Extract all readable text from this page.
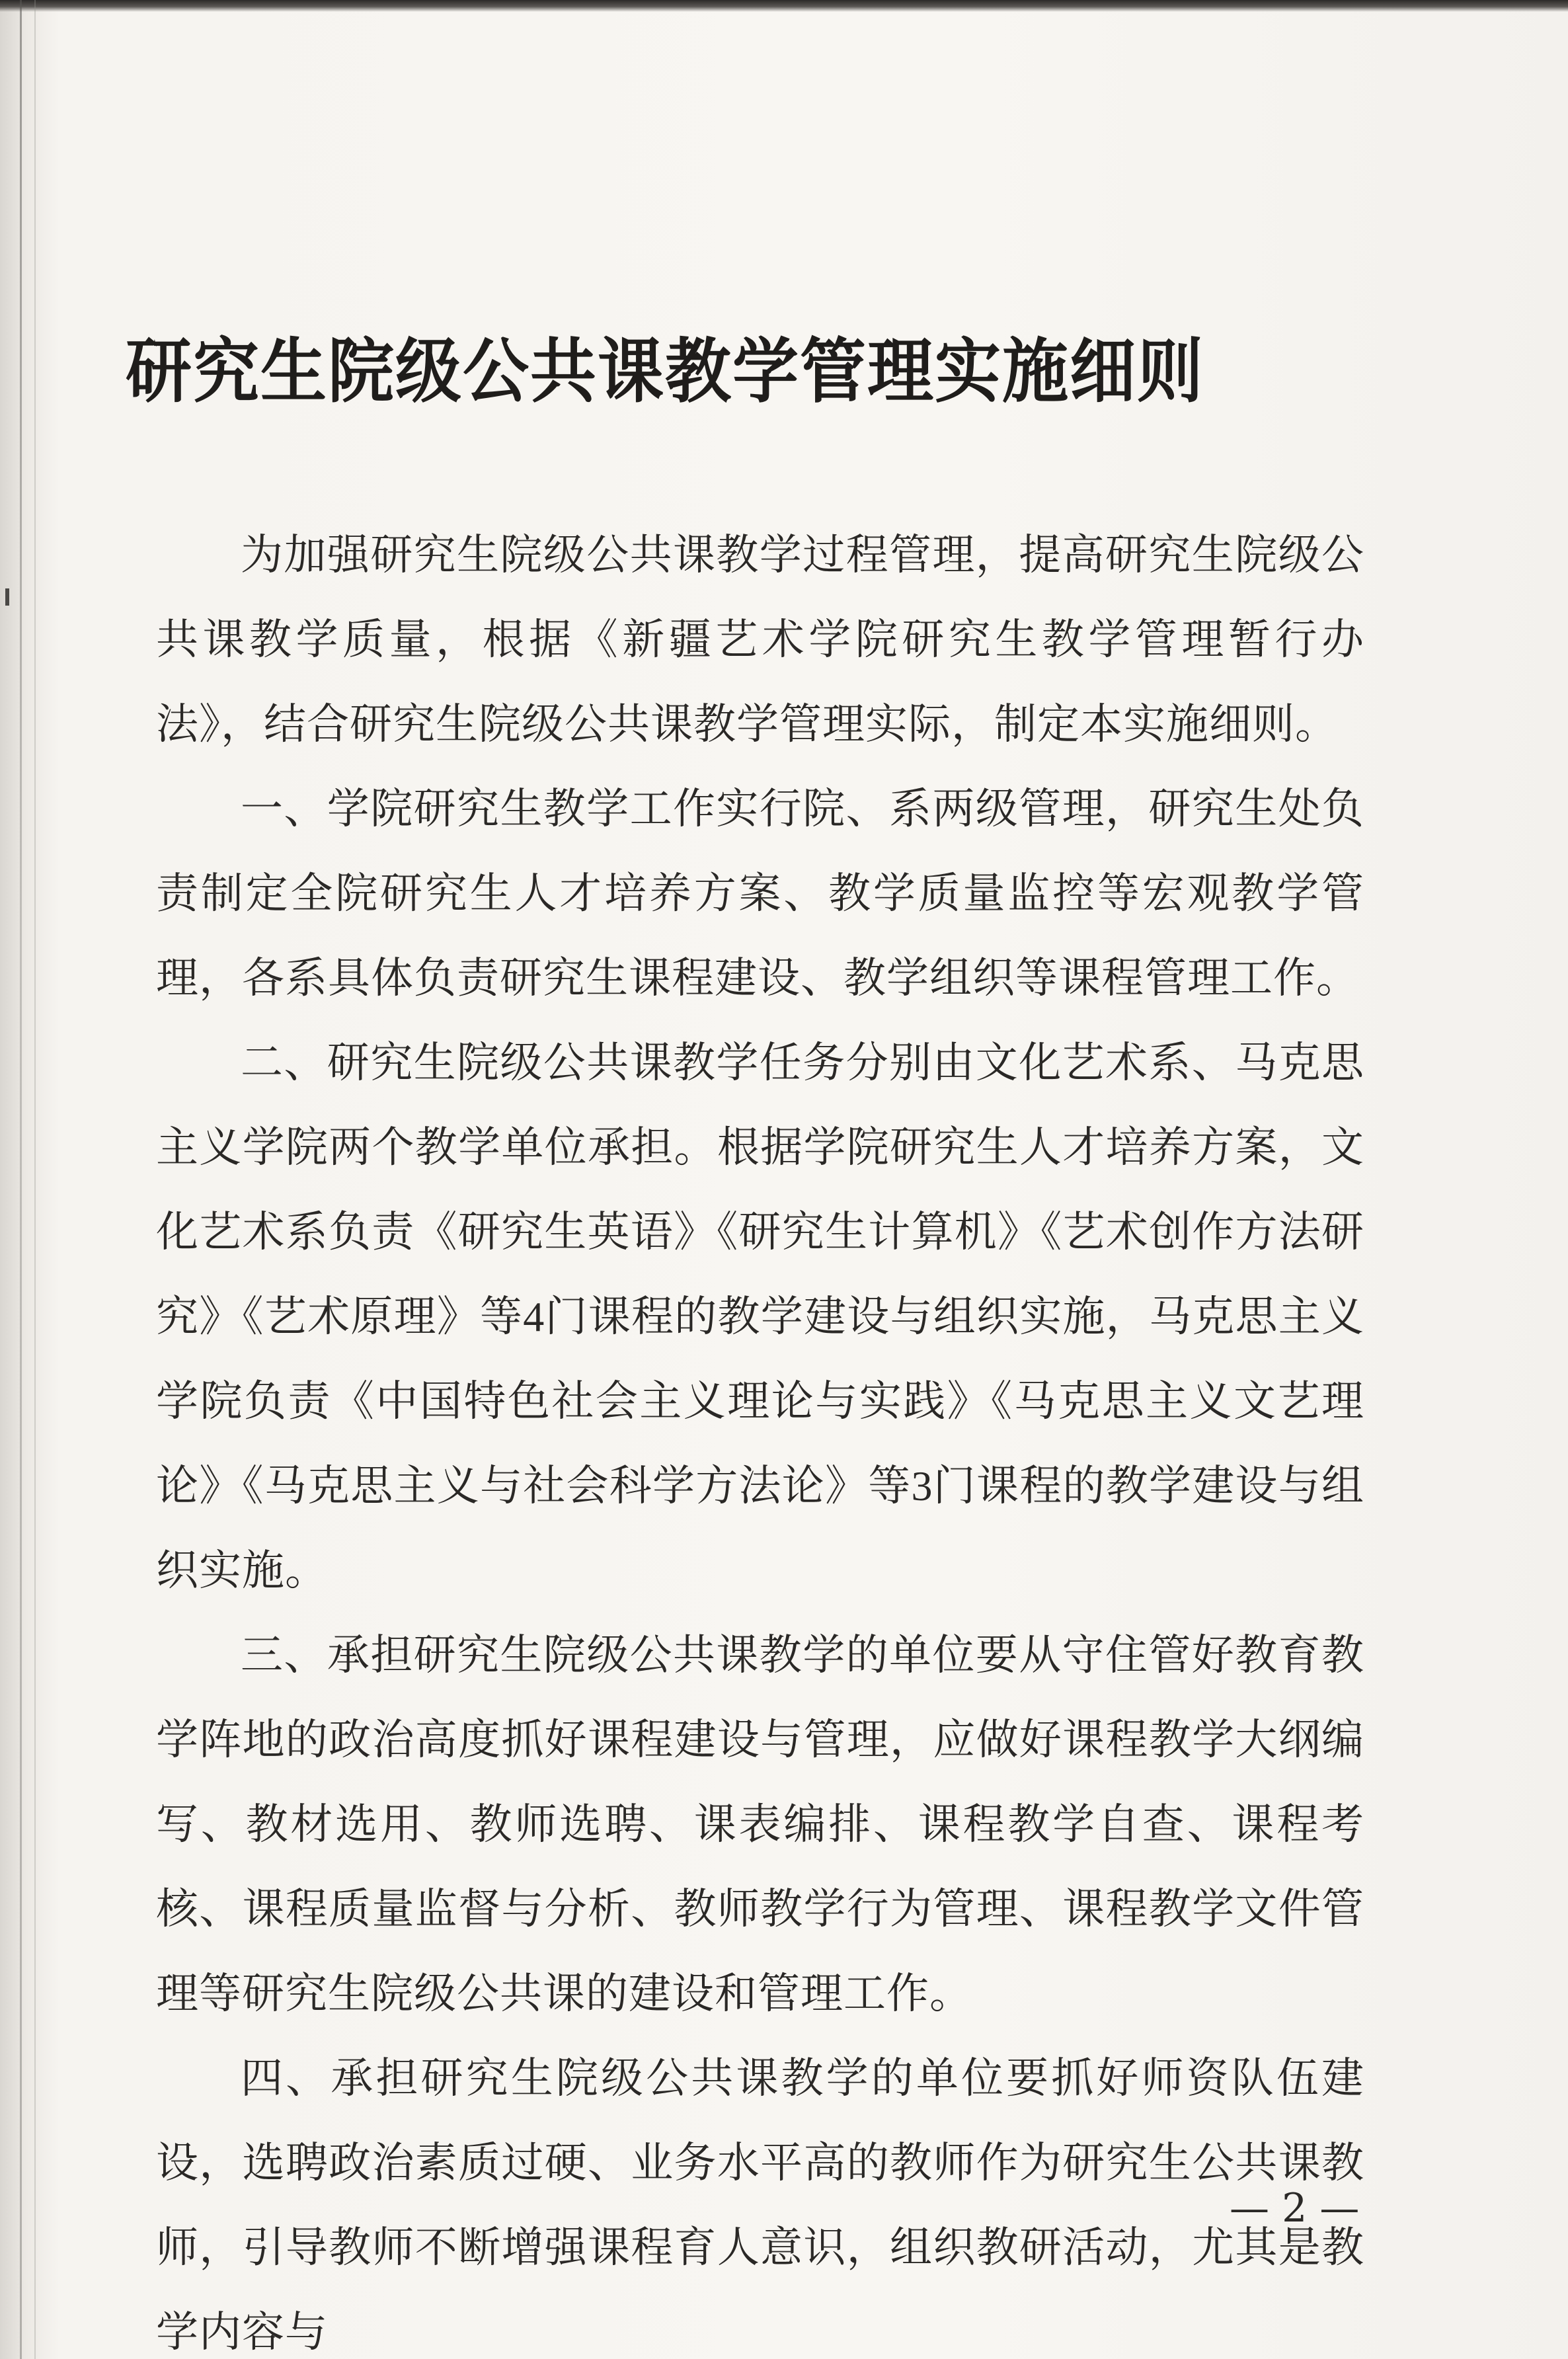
研究生院级公共课教学管理实施细则

为加强研究生院级公共课教学过程管理，提高研究生院级公共课教学质量，根据《新疆艺术学院研究生教学管理暂行办法》，结合研究生院级公共课教学管理实际，制定本实施细则。

一、学院研究生教学工作实行院、系两级管理，研究生处负责制定全院研究生人才培养方案、教学质量监控等宏观教学管理，各系具体负责研究生课程建设、教学组织等课程管理工作。

二、研究生院级公共课教学任务分别由文化艺术系、马克思主义学院两个教学单位承担。根据学院研究生人才培养方案，文化艺术系负责《研究生英语》《研究生计算机》《艺术创作方法研究》《艺术原理》等4门课程的教学建设与组织实施，马克思主义学院负责《中国特色社会主义理论与实践》《马克思主义文艺理论》《马克思主义与社会科学方法论》等3门课程的教学建设与组织实施。

三、承担研究生院级公共课教学的单位要从守住管好教育教学阵地的政治高度抓好课程建设与管理，应做好课程教学大纲编写、教材选用、教师选聘、课表编排、课程教学自查、课程考核、课程质量监督与分析、教师教学行为管理、课程教学文件管理等研究生院级公共课的建设和管理工作。

四、承担研究生院级公共课教学的单位要抓好师资队伍建设，选聘政治素质过硬、业务水平高的教师作为研究生公共课教师，引导教师不断增强课程育人意识，组织教研活动，尤其是教学内容与

— 2 —
